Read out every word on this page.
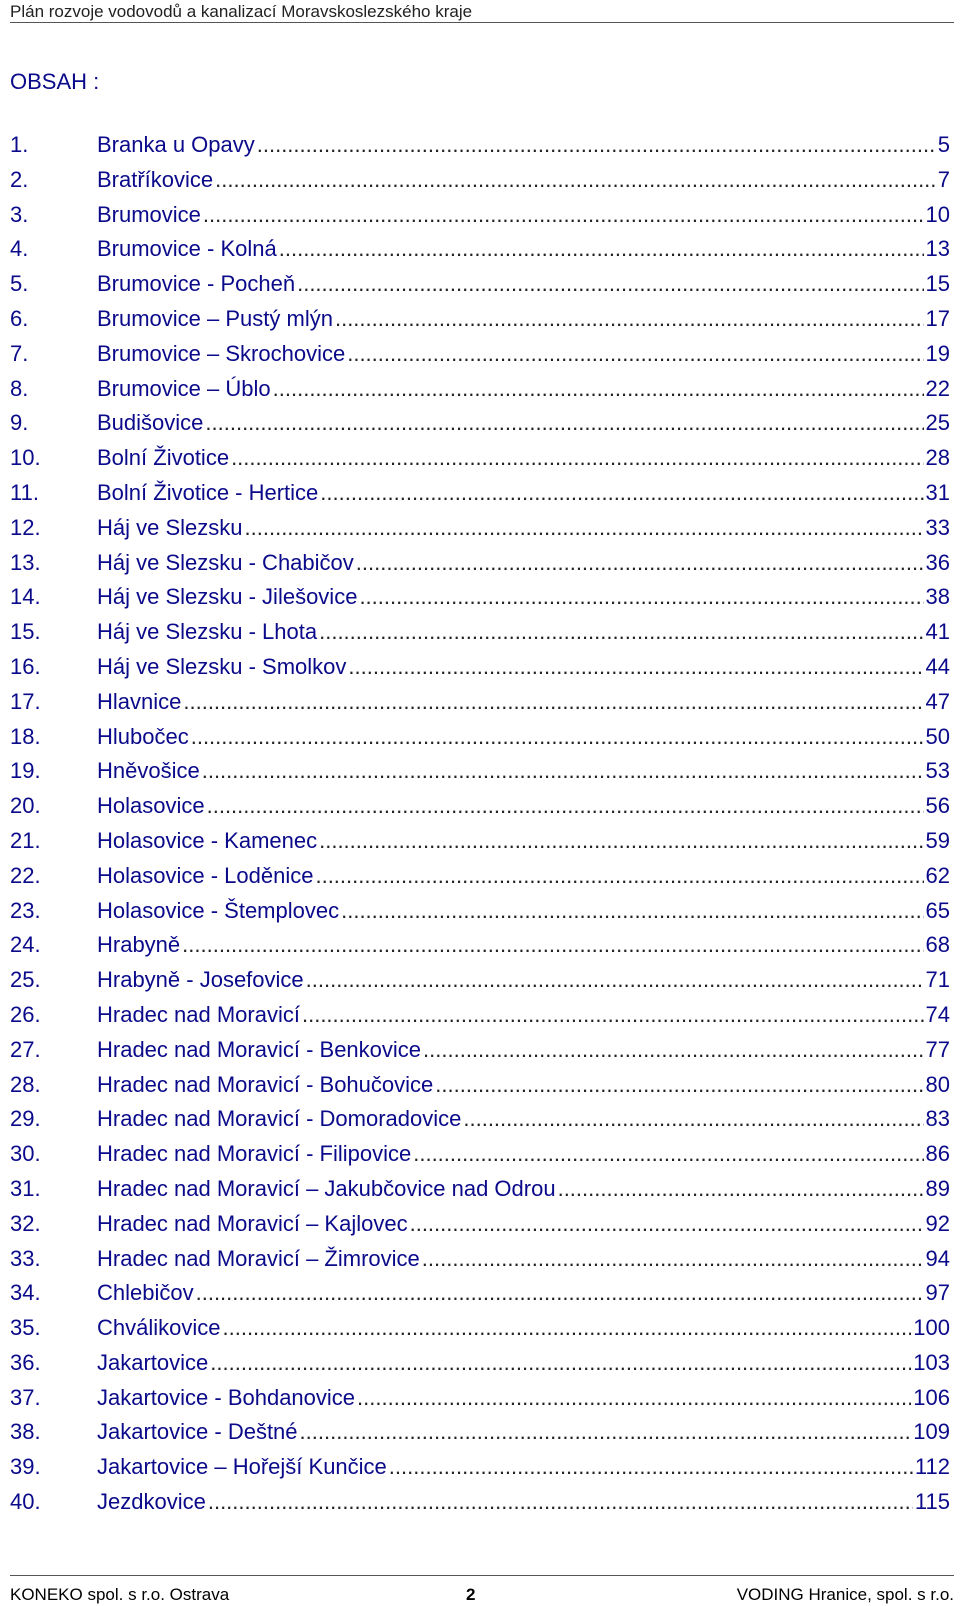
Plán rozvoje vodovodů a kanalizací Moravskoslezského kraje
OBSAH :
1.	Branka u Opavy .....	5
2.	Bratříkovice .....	7
3.	Brumovice .....	10
4.	Brumovice - Kolná .....	13
5.	Brumovice - Pocheň .....	15
6.	Brumovice – Pustý mlýn .....	17
7.	Brumovice – Skrochovice .....	19
8.	Brumovice – Úblo .....	22
9.	Budišovice .....	25
10.	Bolní Životice .....	28
11.	Bolní Životice - Hertice .....	31
12.	Háj ve Slezsku .....	33
13.	Háj ve Slezsku - Chabičov .....	36
14.	Háj ve Slezsku - Jilešovice .....	38
15.	Háj ve Slezsku - Lhota .....	41
16.	Háj ve Slezsku - Smolkov .....	44
17.	Hlavnice .....	47
18.	Hlubočec .....	50
19.	Hněvošice .....	53
20.	Holasovice .....	56
21.	Holasovice - Kamenec .....	59
22.	Holasovice - Loděnice .....	62
23.	Holasovice - Štemplovec .....	65
24.	Hrabyně .....	68
25.	Hrabyně - Josefovice .....	71
26.	Hradec nad Moravicí .....	74
27.	Hradec nad Moravicí - Benkovice .....	77
28.	Hradec nad Moravicí - Bohučovice .....	80
29.	Hradec nad Moravicí - Domoradovice .....	83
30.	Hradec nad Moravicí - Filipovice .....	86
31.	Hradec nad Moravicí – Jakubčovice nad Odrou .....	89
32.	Hradec nad Moravicí – Kajlovec .....	92
33.	Hradec nad Moravicí – Žimrovice .....	94
34.	Chlebičov .....	97
35.	Chválikovice .....	100
36.	Jakartovice .....	103
37.	Jakartovice - Bohdanovice .....	106
38.	Jakartovice - Deštné .....	109
39.	Jakartovice – Hořejší Kunčice .....	112
40.	Jezdkovice .....	115
KONEKO spol. s r.o. Ostrava	2	VODING Hranice, spol. s r.o.
